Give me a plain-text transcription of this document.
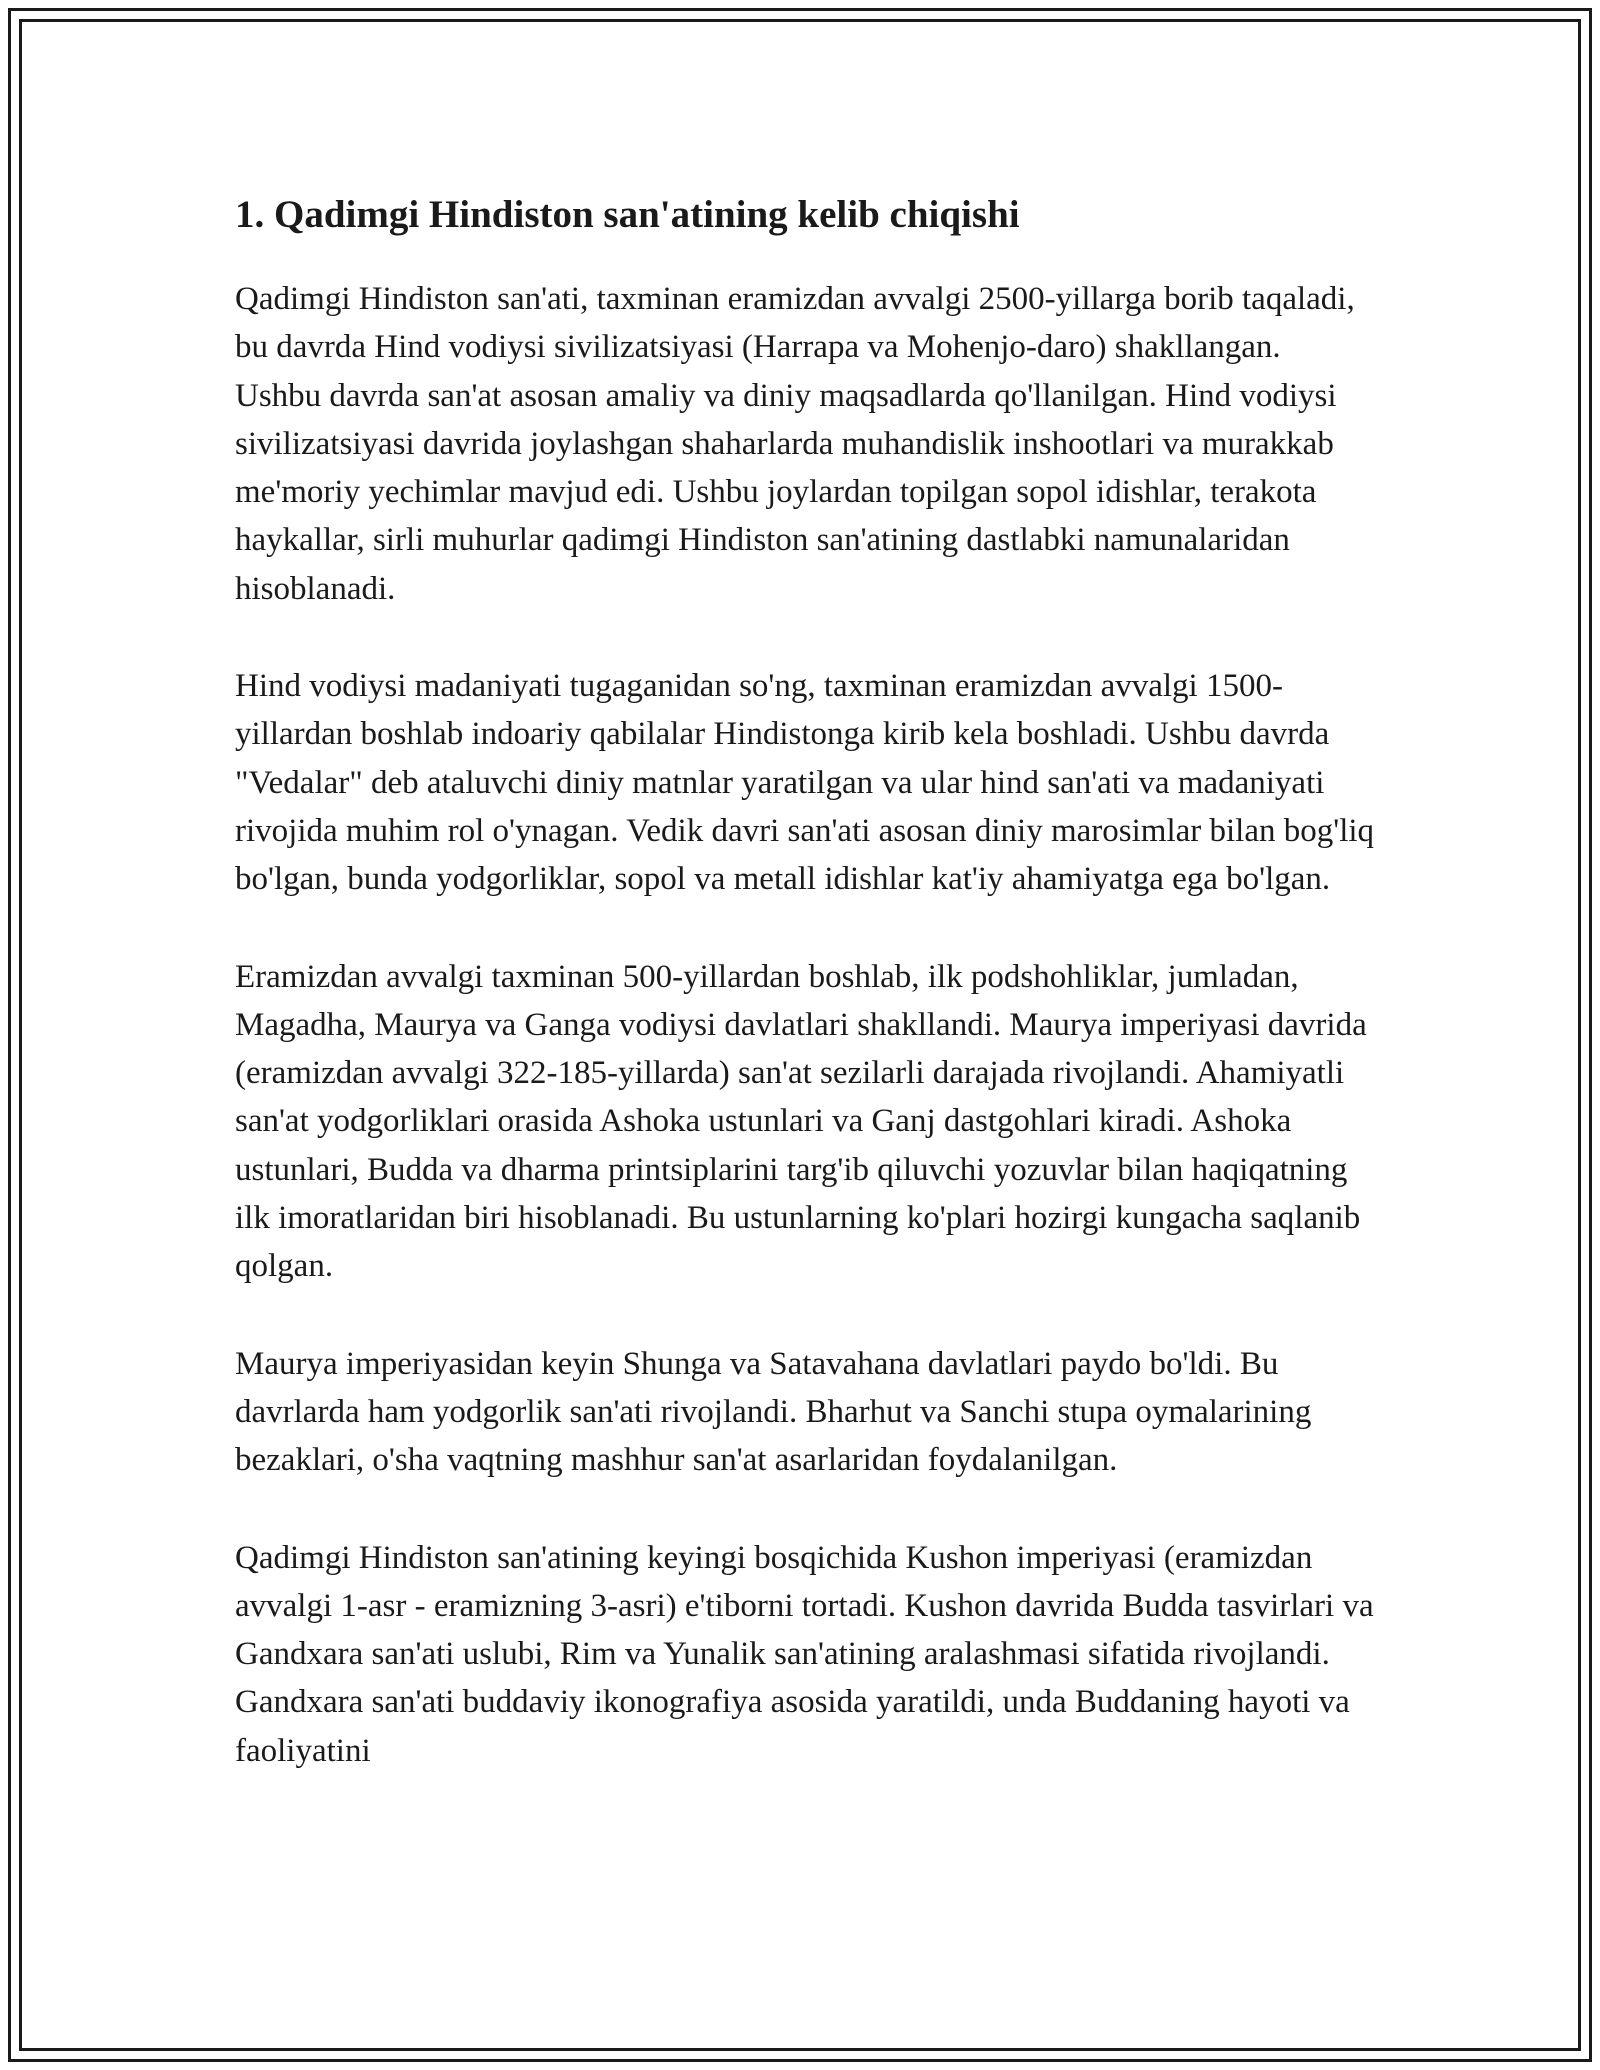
1. Qadimgi Hindiston san'atining kelib chiqishi

Qadimgi Hindiston san'ati, taxminan eramizdan avvalgi 2500-yillarga borib taqaladi, bu davrda Hind vodiysi sivilizatsiyasi (Harrapa va Mohenjo-daro) shakllangan. Ushbu davrda san'at asosan amaliy va diniy maqsadlarda qo'llanilgan. Hind vodiysi sivilizatsiyasi davrida joylashgan shaharlarda muhandislik inshootlari va murakkab me'moriy yechimlar mavjud edi. Ushbu joylardan topilgan sopol idishlar, terakota haykallar, sirli muhurlar qadimgi Hindiston san'atining dastlabki namunalaridan hisoblanadi.

Hind vodiysi madaniyati tugaganidan so'ng, taxminan eramizdan avvalgi 1500-yillardan boshlab indoariy qabilalar Hindistonga kirib kela boshladi. Ushbu davrda "Vedalar" deb ataluvchi diniy matnlar yaratilgan va ular hind san'ati va madaniyati rivojida muhim rol o'ynagan. Vedik davri san'ati asosan diniy marosimlar bilan bog'liq bo'lgan, bunda yodgorliklar, sopol va metall idishlar kat'iy ahamiyatga ega bo'lgan.

Eramizdan avvalgi taxminan 500-yillardan boshlab, ilk podshohliklar, jumladan, Magadha, Maurya va Ganga vodiysi davlatlari shakllandi. Maurya imperiyasi davrida (eramizdan avvalgi 322-185-yillarda) san'at sezilarli darajada rivojlandi. Ahamiyatli san'at yodgorliklari orasida Ashoka ustunlari va Ganj dastgohlari kiradi. Ashoka ustunlari, Budda va dharma printsiplarini targ'ib qiluvchi yozuvlar bilan haqiqatning ilk imoratlaridan biri hisoblanadi. Bu ustunlarning ko'plari hozirgi kungacha saqlanib qolgan.

Maurya imperiyasidan keyin Shunga va Satavahana davlatlari paydo bo'ldi. Bu davrlarda ham yodgorlik san'ati rivojlandi. Bharhut va Sanchi stupa oymalarining bezaklari, o'sha vaqtning mashhur san'at asarlaridan foydalanilgan.

Qadimgi Hindiston san'atining keyingi bosqichida Kushon imperiyasi (eramizdan avvalgi 1-asr - eramizning 3-asri) e'tiborni tortadi. Kushon davrida Budda tasvirlari va Gandxara san'ati uslubi, Rim va Yunalik san'atining aralashmasi sifatida rivojlandi. Gandxara san'ati buddaviy ikonografiya asosida yaratildi, unda Buddaning hayoti va faoliyatini
